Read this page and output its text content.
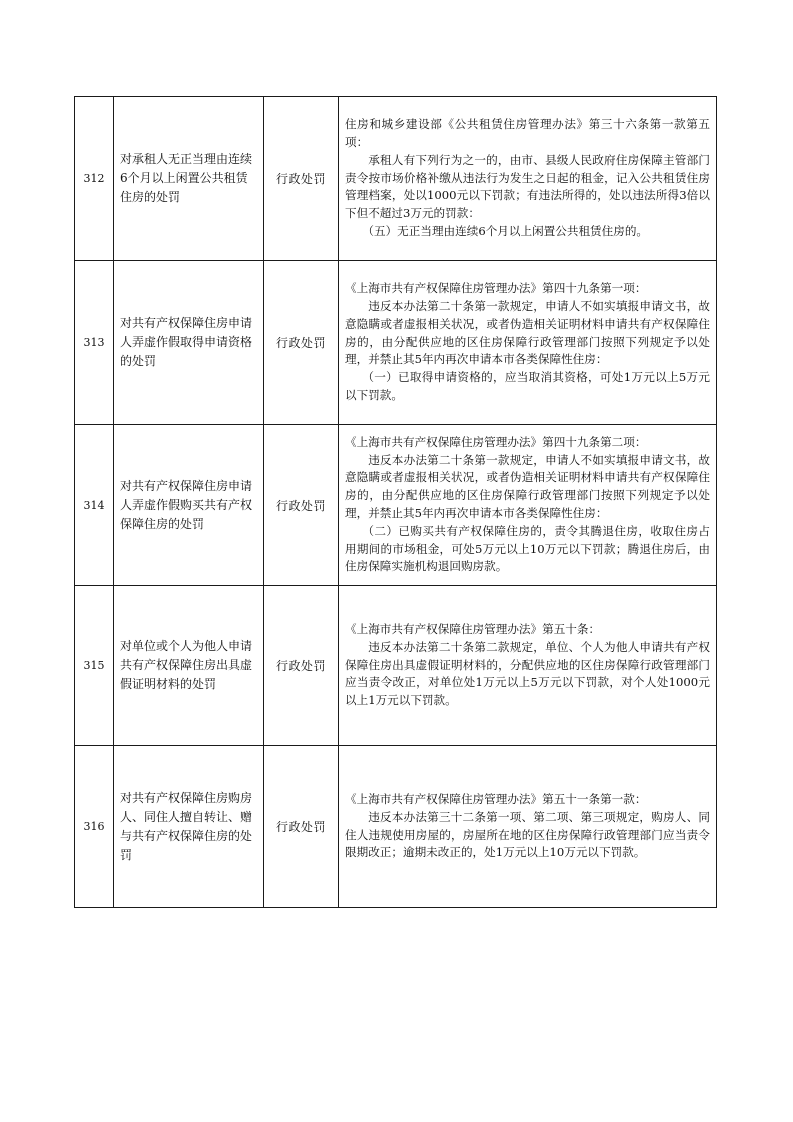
312	对承租人无正当理由连续6个月以上闲置公共租赁住房的处罚	行政处罚	住房和城乡建设部《公共租赁住房管理办法》第三十六条第一款第五项：

承租人有下列行为之一的，由市、县级人民政府住房保障主管部门责令按市场价格补缴从违法行为发生之日起的租金，记入公共租赁住房管理档案，处以1000元以下罚款；有违法所得的，处以违法所得3倍以下但不超过3万元的罚款：

（五）无正当理由连续6个月以上闲置公共租赁住房的。

313	对共有产权保障住房申请人弄虚作假取得申请资格的处罚	行政处罚	《上海市共有产权保障住房管理办法》第四十九条第一项：

违反本办法第二十条第一款规定，申请人不如实填报申请文书，故意隐瞒或者虚报相关状况，或者伪造相关证明材料申请共有产权保障住房的，由分配供应地的区住房保障行政管理部门按照下列规定予以处理，并禁止其5年内再次申请本市各类保障性住房：

（一）已取得申请资格的，应当取消其资格，可处1万元以上5万元以下罚款。

314	对共有产权保障住房申请人弄虚作假购买共有产权保障住房的处罚	行政处罚	《上海市共有产权保障住房管理办法》第四十九条第二项：

违反本办法第二十条第一款规定，申请人不如实填报申请文书，故意隐瞒或者虚报相关状况，或者伪造相关证明材料申请共有产权保障住房的，由分配供应地的区住房保障行政管理部门按照下列规定予以处理，并禁止其5年内再次申请本市各类保障性住房：

（二）已购买共有产权保障住房的，责令其腾退住房，收取住房占用期间的市场租金，可处5万元以上10万元以下罚款；腾退住房后，由住房保障实施机构退回购房款。

315	对单位或个人为他人申请共有产权保障住房出具虚假证明材料的处罚	行政处罚	《上海市共有产权保障住房管理办法》第五十条：

违反本办法第二十条第二款规定，单位、个人为他人申请共有产权保障住房出具虚假证明材料的，分配供应地的区住房保障行政管理部门应当责令改正，对单位处1万元以上5万元以下罚款，对个人处1000元以上1万元以下罚款。

316	对共有产权保障住房购房人、同住人擅自转让、赠与共有产权保障住房的处罚	行政处罚	《上海市共有产权保障住房管理办法》第五十一条第一款：

违反本办法第三十二条第一项、第二项、第三项规定，购房人、同住人违规使用房屋的，房屋所在地的区住房保障行政管理部门应当责令限期改正；逾期未改正的，处1万元以上10万元以下罚款。
